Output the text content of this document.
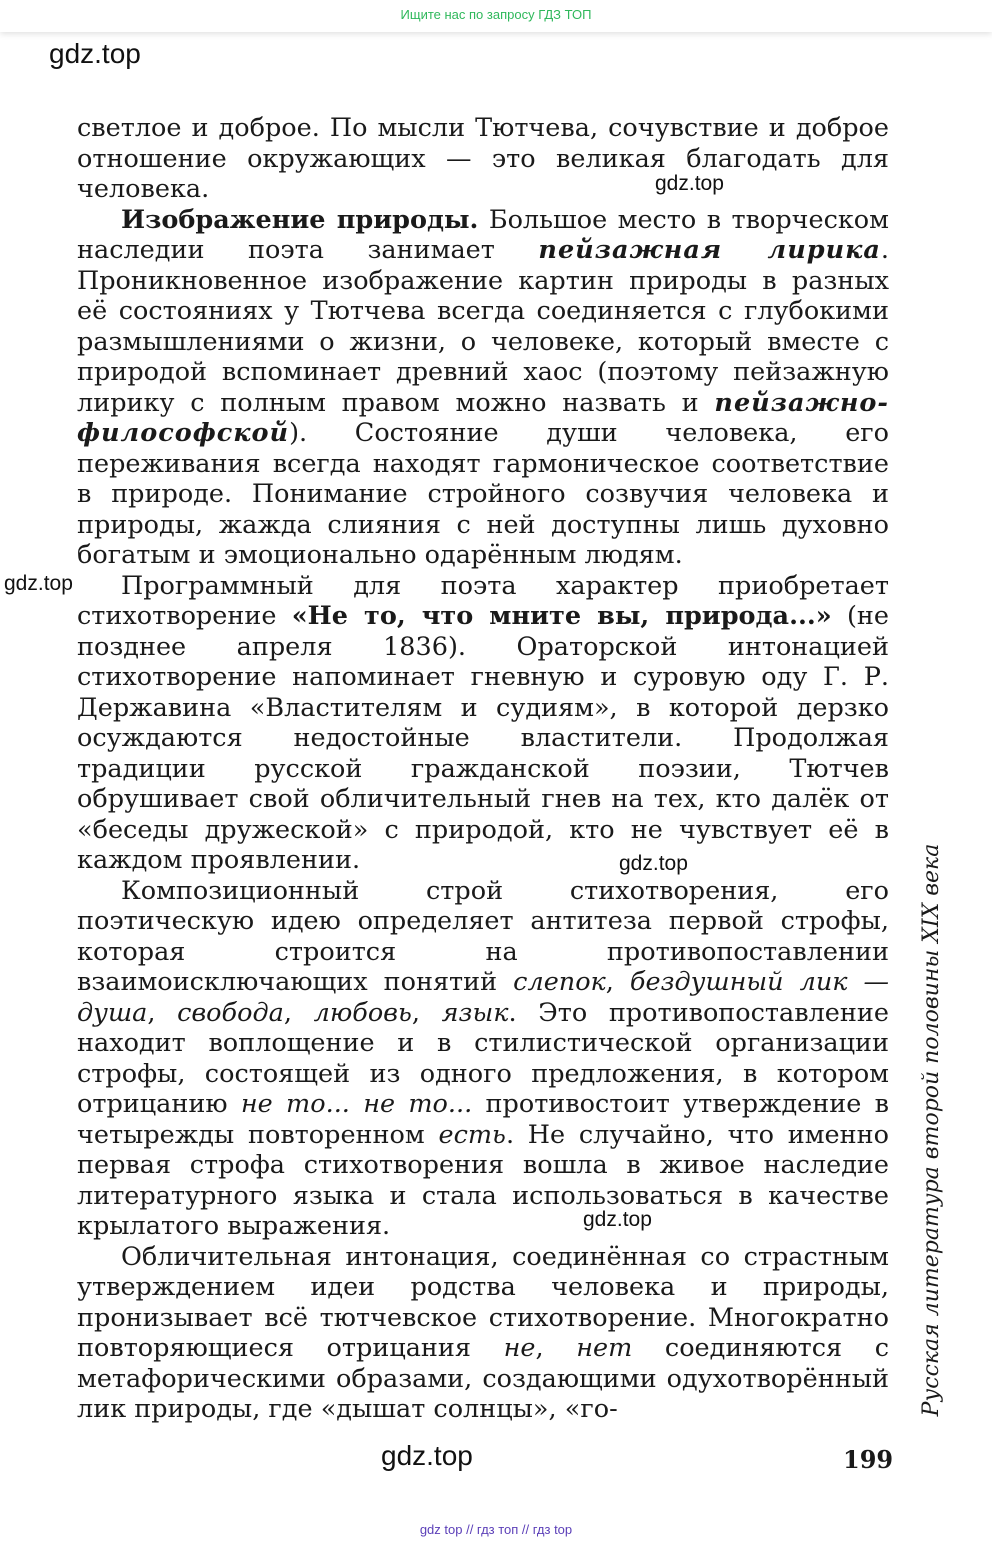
Ищите нас по запросу ГДЗ ТОП
gdz.top
gdz.top
gdz.top
gdz.top
gdz.top
gdz.top

светлое и доброе. По мысли Тютчева, сочувствие и доброе отношение окружающих — это великая благодать для человека.

Изображение природы. Большое место в творческом наследии поэта занимает пейзажная лирика. Проникновенное изображение картин природы в разных её состояниях у Тютчева всегда соединяется с глубокими размышлениями о жизни, о человеке, который вместе с природой вспоминает древний хаос (поэтому пейзажную лирику с полным правом можно назвать и пейзажно-философской). Состояние души человека, его переживания всегда находят гармоническое соответствие в природе. Понимание стройного созвучия человека и природы, жажда слияния с ней доступны лишь духовно богатым и эмоционально одарённым людям.

Программный для поэта характер приобретает стихотворение «Не то, что мните вы, природа...» (не позднее апреля 1836). Ораторской интонацией стихотворение напоминает гневную и суровую оду Г. Р. Державина «Властителям и судиям», в которой дерзко осуждаются недостойные властители. Продолжая традиции русской гражданской поэзии, Тютчев обрушивает свой обличительный гнев на тех, кто далёк от «беседы дружеской» с природой, кто не чувствует её в каждом проявлении.

Композиционный строй стихотворения, его поэтическую идею определяет антитеза первой строфы, которая строится на противопоставлении взаимоисключающих понятий слепок, бездушный лик — душа, свобода, любовь, язык. Это противопоставление находит воплощение и в стилистической организации строфы, состоящей из одного предложения, в котором отрицанию не то... не то... противостоит утверждение в четырежды повторенном есть. Не случайно, что именно первая строфа стихотворения вошла в живое наследие литературного языка и стала использоваться в качестве крылатого выражения.

Обличительная интонация, соединённая со страстным утверждением идеи родства человека и природы, пронизывает всё тютчевское стихотворение. Многократно повторяющиеся отрицания не, нет соединяются с метафорическими образами, создающими одухотворённый лик природы, где «дышат солнцы», «го-	Русская литература второй половины XIX века
199
gdz top // гдз топ // гдз top
